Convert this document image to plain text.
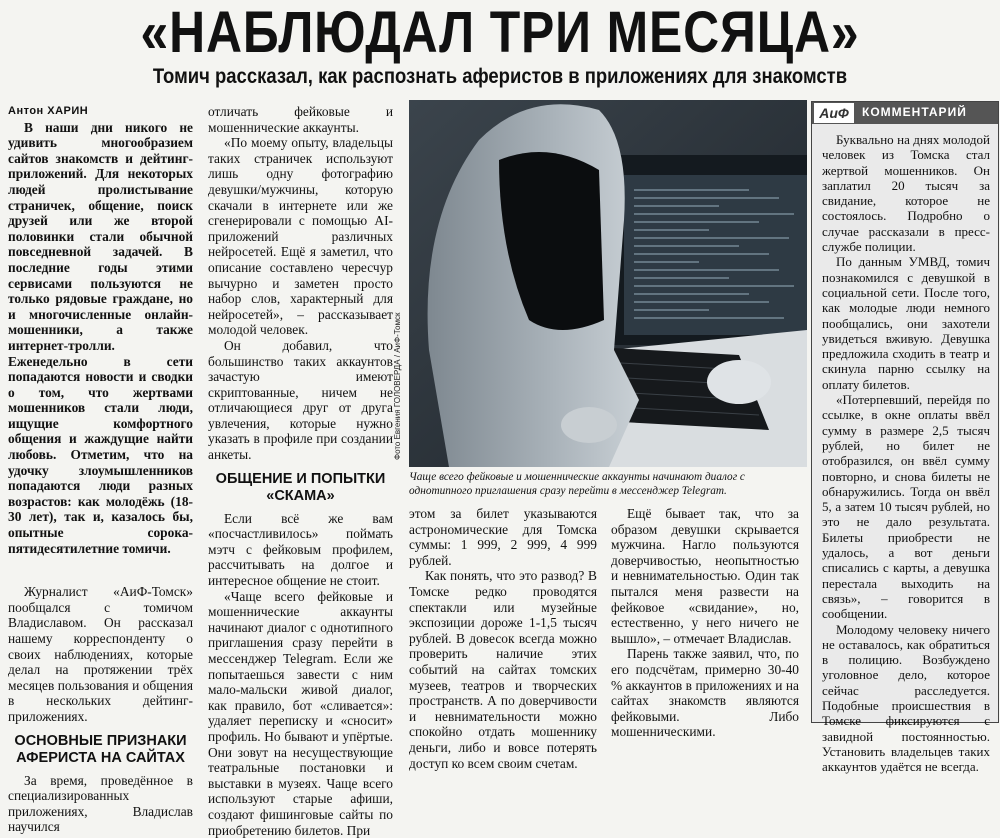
«НАБЛЮДАЛ ТРИ МЕСЯЦА»
Томич рассказал, как распознать аферистов в приложениях для знакомств

Антон ХАРИН

В наши дни никого не удивить многообразием сайтов знакомств и дейтинг-приложений. Для некоторых людей пролистывание страничек, общение, поиск друзей или же второй половинки стали обычной повседневной задачей. В последние годы этими сервисами пользуются не только рядовые граждане, но и многочисленные онлайн-мошенники, а также интернет-тролли. Еженедельно в сети попадаются новости и сводки о том, что жертвами мошенников стали люди, ищущие комфортного общения и жаждущие найти любовь. Отметим, что на удочку злоумышленников попадаются люди разных возрастов: как молодёжь (18-30 лет), так и, казалось бы, опытные сорока-пятидесятилетние томичи.

Журналист «АиФ-Томск» пообщался с томичом Владиславом. Он рассказал нашему корреспонденту о своих наблюдениях, которые делал на протяжении трёх месяцев пользования и общения в нескольких дейтинг-приложениях.

ОСНОВНЫЕ ПРИЗНАКИ АФЕРИСТА НА САЙТАХ

За время, проведённое в специализированных приложениях, Владислав научился

отличать фейковые и мошеннические аккаунты.

«По моему опыту, владельцы таких страничек используют лишь одну фотографию девушки/мужчины, которую скачали в интернете или же сгенерировали с помощью AI-приложений различных нейросетей. Ещё я заметил, что описание составлено чересчур вычурно и заметен просто набор слов, характерный для нейросетей», – рассказывает молодой человек.

Он добавил, что большинство таких аккаунтов зачастую имеют скриптованные, ничем не отличающиеся друг от друга увлечения, которые нужно указать в профиле при создании анкеты.

ОБЩЕНИЕ И ПОПЫТКИ «СКАМА»

Если всё же вам «посчастливилось» поймать мэтч с фейковым профилем, рассчитывать на долгое и интересное общение не стоит.

«Чаще всего фейковые и мошеннические аккаунты начинают диалог с однотипного приглашения сразу перейти в мессенджер Telegram. Если же попытаешься завести с ним мало-мальски живой диалог, как правило, бот «сливается»: удаляет переписку и «сносит» профиль. Но бывают и упёртые. Они зовут на несуществующие театральные постановки и выставки в музеях. Чаще всего используют старые афиши, создают фишинговые сайты по приобретению билетов. При

Фото Евгения ГОЛОВЕРДА / АиФ-Томск
Чаще всего фейковые и мошеннические аккаунты начинают диалог с однотипного приглашения сразу перейти в мессенджер Telegram.

этом за билет указываются астрономические для Томска суммы: 1 999, 2 999, 4 999 рублей.

Как понять, что это развод? В Томске редко проводятся спектакли или музейные экспозиции дороже 1-1,5 тысяч рублей. В довесок всегда можно проверить наличие этих событий на сайтах томских музеев, театров и творческих пространств. А по доверчивости и невнимательности можно спокойно отдать мошеннику деньги, либо и вовсе потерять доступ ко всем своим счетам.

Ещё бывает так, что за образом девушки скрывается мужчина. Нагло пользуются доверчивостью, неопытностью и невнимательностью. Один так пытался меня развести на фейковое «свидание», но, естественно, у него ничего не вышло», – отмечает Владислав.

Парень также заявил, что, по его подсчётам, примерно 30-40 % аккаунтов в приложениях и на сайтах знакомств являются фейковыми. Либо мошенническими.

АиФ	КОММЕНТАРИЙ

Буквально на днях молодой человек из Томска стал жертвой мошенников. Он заплатил 20 тысяч за свидание, которое не состоялось. Подробно о случае рассказали в пресс-службе полиции.

По данным УМВД, томич познакомился с девушкой в социальной сети. После того, как молодые люди немного пообщались, они захотели увидеться вживую. Девушка предложила сходить в театр и скинула парню ссылку на оплату билетов.

«Потерпевший, перейдя по ссылке, в окне оплаты ввёл сумму в размере 2,5 тысяч рублей, но билет не отобразился, он ввёл сумму повторно, и снова билеты не обнаружились. Тогда он ввёл 5, а затем 10 тысяч рублей, но это не дало результата. Билеты приобрести не удалось, а вот деньги списались с карты, а девушка перестала выходить на связь», – говорится в сообщении.

Молодому человеку ничего не оставалось, как обратиться в полицию. Возбуждено уголовное дело, которое сейчас расследуется. Подобные происшествия в Томске фиксируются с завидной постоянностью. Установить владельцев таких аккаунтов удаётся не всегда.
